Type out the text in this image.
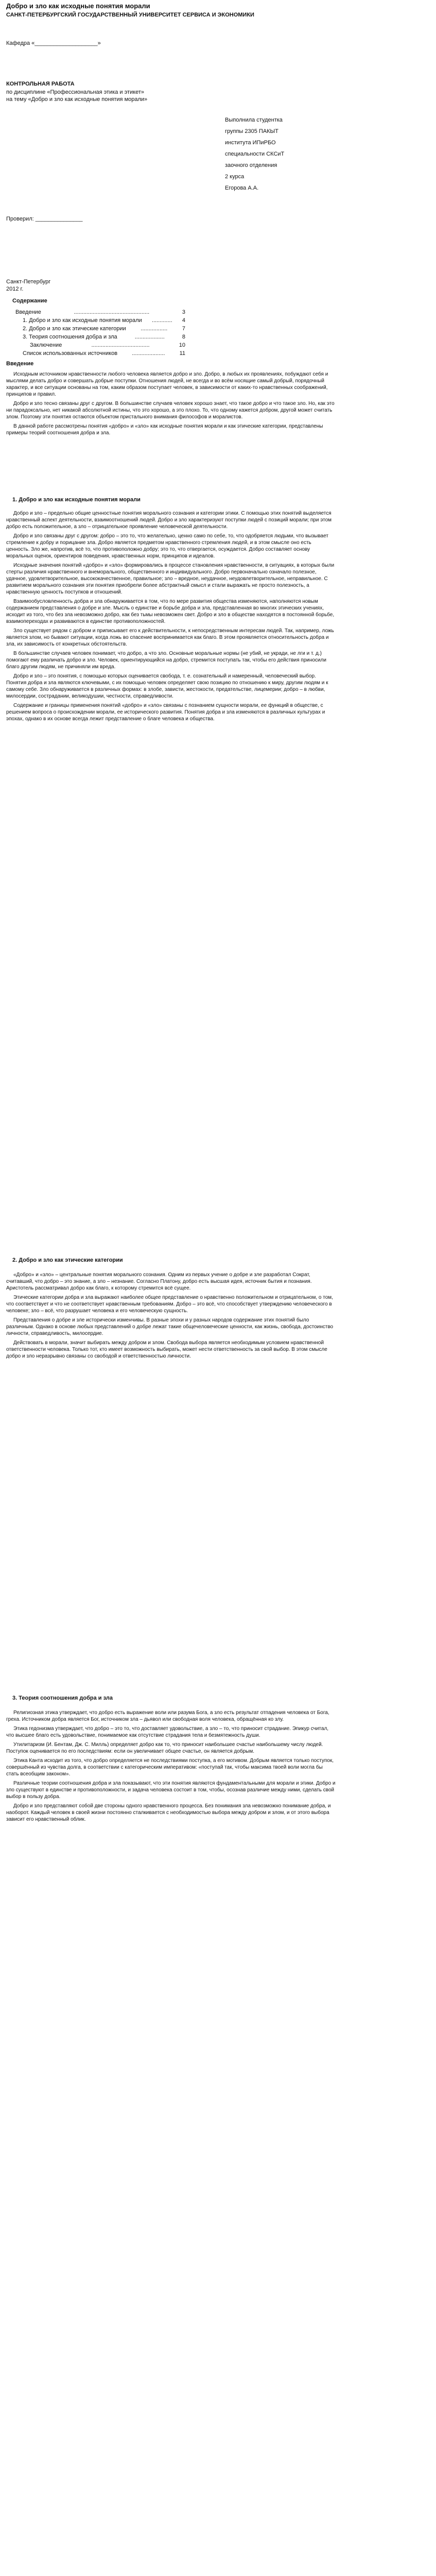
Добро и зло как исходные понятия морали
САНКТ-ПЕТЕРБУРГСКИЙ ГОСУДАРСТВЕННЫЙ УНИВЕРСИТЕТ СЕРВИСА И ЭКОНОМИКИ
Кафедра «____________________»
КОНТРОЛЬНАЯ РАБОТА
по дисциплине «Профессиональная этика и этикет»
на тему «Добро и зло как исходные понятия морали»
Выполнила студентка
группы 2305 ПАКЫТ
института ИПиРБО
специальности СКСиТ
заочного отделения
2 курса
Егорова А.А.
Проверил: _______________
Санкт-Петербург
2012 г.
Содержание
Введение	................................................	3
1. Добро и зло как исходные понятия морали ............. 4
2. Добро и зло как этические категории	.................	7
3. Теория соотношения добра и зла	...................	8
Заключение	.....................................	10
Список использованных источников	.....................	11
Введение

Исходным источником нравственности любого человека является добро и зло. Добро, в любых их проявлениях, побуждают себя и мыслями делать добро и совершать добрые поступки. Отношения людей, не всегда и во всём носящие самый добрый, порядочный характер, и все ситуации основаны на том, каким образом поступает человек, в зависимости от каких-то нравственных соображений, принципов и правил.

Добро и зло тесно связаны друг с другом. В большинстве случаев человек хорошо знает, что такое добро и что такое зло. Но, как это ни парадоксально, нет никакой абсолютной истины, что это хорошо, а это плохо. То, что одному кажется добром, другой может считать злом. Поэтому эти понятия остаются объектом пристального внимания философов и моралистов.

В данной работе рассмотрены понятия «добро» и «зло» как исходные понятия морали и как этические категории, представлены примеры теорий соотношения добра и зла.

1. Добро и зло как исходные понятия морали

Добро и зло – предельно общие ценностные понятия морального сознания и категории этики. С помощью этих понятий выделяется нравственный аспект деятельности, взаимоотношений людей. Добро и зло характеризуют поступки людей с позиций морали; при этом добро есть положительное, а зло – отрицательное проявление человеческой деятельности.

Добро и зло связаны друг с другом: добро – это то, что желательно, ценно само по себе, то, что одобряется людьми, что вызывает стремление к добру и порицание зла. Добро является предметом нравственного стремления людей, и в этом смысле оно есть ценность. Зло же, напротив, всё то, что противоположно добру; это то, что отвергается, осуждается. Добро составляет основу моральных оценок, ориентиров поведения, нравственных норм, принципов и идеалов.

Исходные значения понятий «добро» и «зло» формировались в процессе становления нравственности, в ситуациях, в которых были стерты различия нравственного и внеморального, общественного и индивидуального. Добро первоначально означало полезное, удачное, удовлетворительное, высококачественное, правильное; зло – вредное, неудачное, неудовлетворительное, неправильное. С развитием морального сознания эти понятия приобрели более абстрактный смысл и стали выражать не просто полезность, а нравственную ценность поступков и отношений.

Взаимообусловленность добра и зла обнаруживается в том, что по мере развития общества изменяются, наполняются новым содержанием представления о добре и зле. Мысль о единстве и борьбе добра и зла, представленная во многих этических учениях, исходит из того, что без зла невозможно добро, как без тьмы невозможен свет. Добро и зло в обществе находятся в постоянной борьбе, взаимопереходах и развиваются в единстве противоположностей.

Зло существует рядом с добром и приписывает его к действительности, к непосредственным интересам людей. Так, например, ложь является злом, но бывают ситуации, когда ложь во спасение воспринимается как благо. В этом проявляется относительность добра и зла, их зависимость от конкретных обстоятельств.

В большинстве случаев человек понимает, что добро, а что зло. Основные моральные нормы (не убий, не укради, не лги и т. д.) помогают ему различать добро и зло. Человек, ориентирующийся на добро, стремится поступать так, чтобы его действия приносили благо другим людям, не причиняли им вреда.

Добро и зло – это понятия, с помощью которых оценивается свобода, т. е. сознательный и намеренный, человеческий выбор. Понятия добра и зла являются ключевыми, с их помощью человек определяет свою позицию по отношению к миру, другим людям и к самому себе. Зло обнаруживается в различных формах: в злобе, зависти, жестокости, предательстве, лицемерии; добро – в любви, милосердии, сострадании, великодушии, честности, справедливости.

Содержание и границы применения понятий «добро» и «зло» связаны с познанием сущности морали, ее функций в обществе, с решением вопроса о происхождении морали, ее исторического развития. Понятия добра и зла изменяются в различных культурах и эпохах, однако в их основе всегда лежит представление о благе человека и общества.

2. Добро и зло как этические категории

«Добро» и «зло» – центральные понятия морального сознания. Одним из первых учение о добре и зле разработал Сократ, считавший, что добро – это знание, а зло – незнание. Согласно Платону, добро есть высшая идея, источник бытия и познания. Аристотель рассматривал добро как благо, к которому стремится всё сущее.

Этические категории добра и зла выражают наиболее общее представление о нравственно положительном и отрицательном, о том, что соответствует и что не соответствует нравственным требованиям. Добро – это всё, что способствует утверждению человеческого в человеке; зло – всё, что разрушает человека и его человеческую сущность.

Представления о добре и зле исторически изменчивы. В разные эпохи и у разных народов содержание этих понятий было различным. Однако в основе любых представлений о добре лежат такие общечеловеческие ценности, как жизнь, свобода, достоинство личности, справедливость, милосердие.

Действовать в морали, значит выбирать между добром и злом. Свобода выбора является необходимым условием нравственной ответственности человека. Только тот, кто имеет возможность выбирать, может нести ответственность за свой выбор. В этом смысле добро и зло неразрывно связаны со свободой и ответственностью личности.

3. Теория соотношения добра и зла

Религиозная этика утверждает, что добро есть выражение воли или разума Бога, а зло есть результат отпадения человека от Бога, греха. Источником добра является Бог, источником зла – дьявол или свободная воля человека, обращённая ко злу.

Этика гедонизма утверждает, что добро – это то, что доставляет удовольствие, а зло – то, что приносит страдание. Эпикур считал, что высшее благо есть удовольствие, понимаемое как отсутствие страдания тела и безмятежность души.

Утилитаризм (И. Бентам, Дж. С. Милль) определяет добро как то, что приносит наибольшее счастье наибольшему числу людей. Поступок оценивается по его последствиям: если он увеличивает общее счастье, он является добрым.

Этика Канта исходит из того, что добро определяется не последствиями поступка, а его мотивом. Добрым является только поступок, совершённый из чувства долга, в соответствии с категорическим императивом: «поступай так, чтобы максима твоей воли могла бы стать всеобщим законом».

Различные теории соотношения добра и зла показывают, что эти понятия являются фундаментальными для морали и этики. Добро и зло существуют в единстве и противоположности, и задача человека состоит в том, чтобы, осознав различие между ними, сделать свой выбор в пользу добра.

Добро и зло представляют собой две стороны одного нравственного процесса. Без понимания зла невозможно понимание добра, и наоборот. Каждый человек в своей жизни постоянно сталкивается с необходимостью выбора между добром и злом, и от этого выбора зависит его нравственный облик.
